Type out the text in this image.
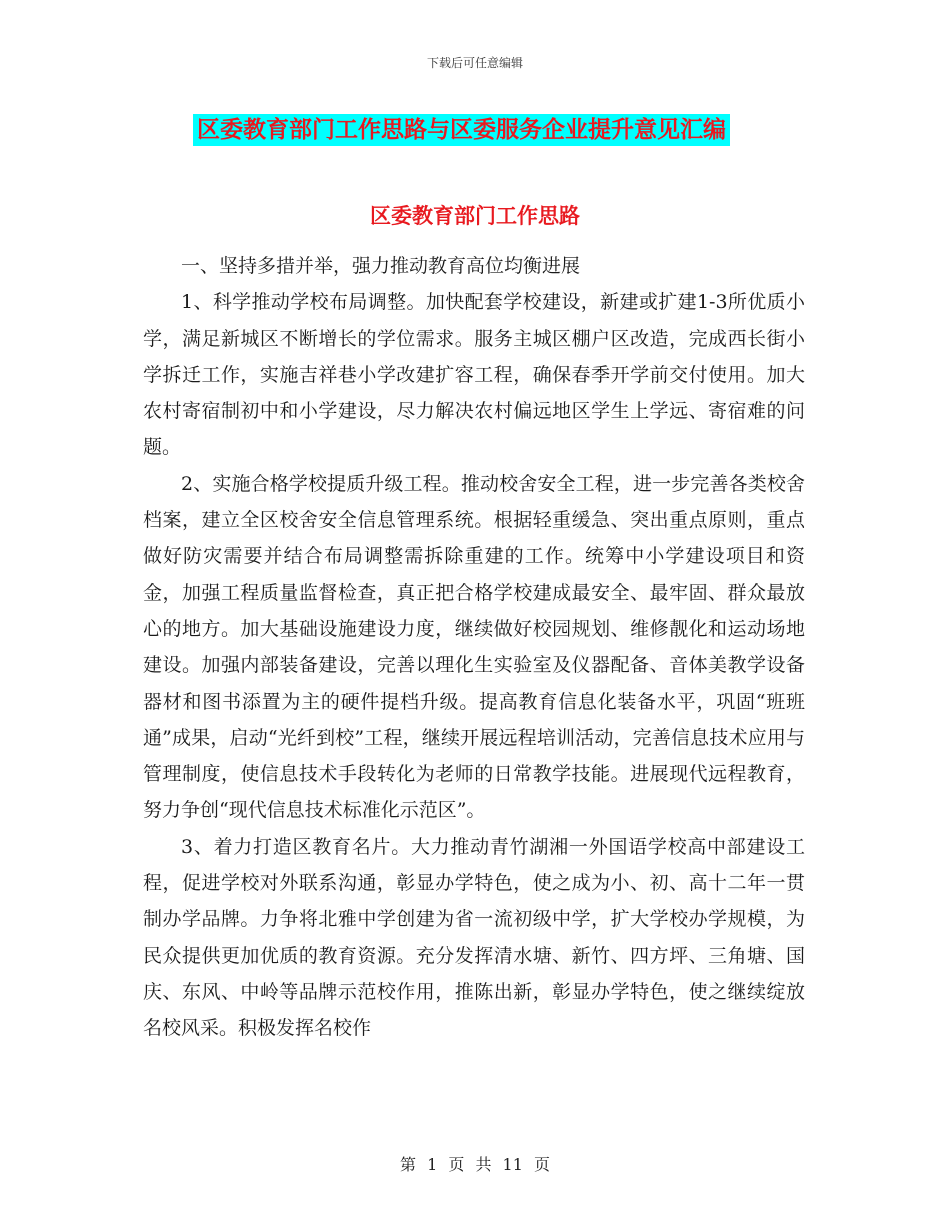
下载后可任意编辑
区委教育部门工作思路与区委服务企业提升意见汇编
区委教育部门工作思路

一、坚持多措并举，强力推动教育高位均衡进展

1、科学推动学校布局调整。加快配套学校建设，新建或扩建1-3所优质小学，满足新城区不断增长的学位需求。服务主城区棚户区改造，完成西长街小学拆迁工作，实施吉祥巷小学改建扩容工程，确保春季开学前交付使用。加大农村寄宿制初中和小学建设，尽力解决农村偏远地区学生上学远、寄宿难的问题。

2、实施合格学校提质升级工程。推动校舍安全工程，进一步完善各类校舍档案，建立全区校舍安全信息管理系统。根据轻重缓急、突出重点原则，重点做好防灾需要并结合布局调整需拆除重建的工作。统筹中小学建设项目和资金，加强工程质量监督检查，真正把合格学校建成最安全、最牢固、群众最放心的地方。加大基础设施建设力度，继续做好校园规划、维修靓化和运动场地建设。加强内部装备建设，完善以理化生实验室及仪器配备、音体美教学设备器材和图书添置为主的硬件提档升级。提高教育信息化装备水平，巩固“班班通”成果，启动“光纤到校”工程，继续开展远程培训活动，完善信息技术应用与管理制度，使信息技术手段转化为老师的日常教学技能。进展现代远程教育，努力争创“现代信息技术标准化示范区”。

3、着力打造区教育名片。大力推动青竹湖湘一外国语学校高中部建设工程，促进学校对外联系沟通，彰显办学特色，使之成为小、初、高十二年一贯制办学品牌。力争将北雅中学创建为省一流初级中学，扩大学校办学规模，为民众提供更加优质的教育资源。充分发挥清水塘、新竹、四方坪、三角塘、国庆、东风、中岭等品牌示范校作用，推陈出新，彰显办学特色，使之继续绽放名校风采。积极发挥名校作

第 1 页 共 11 页
